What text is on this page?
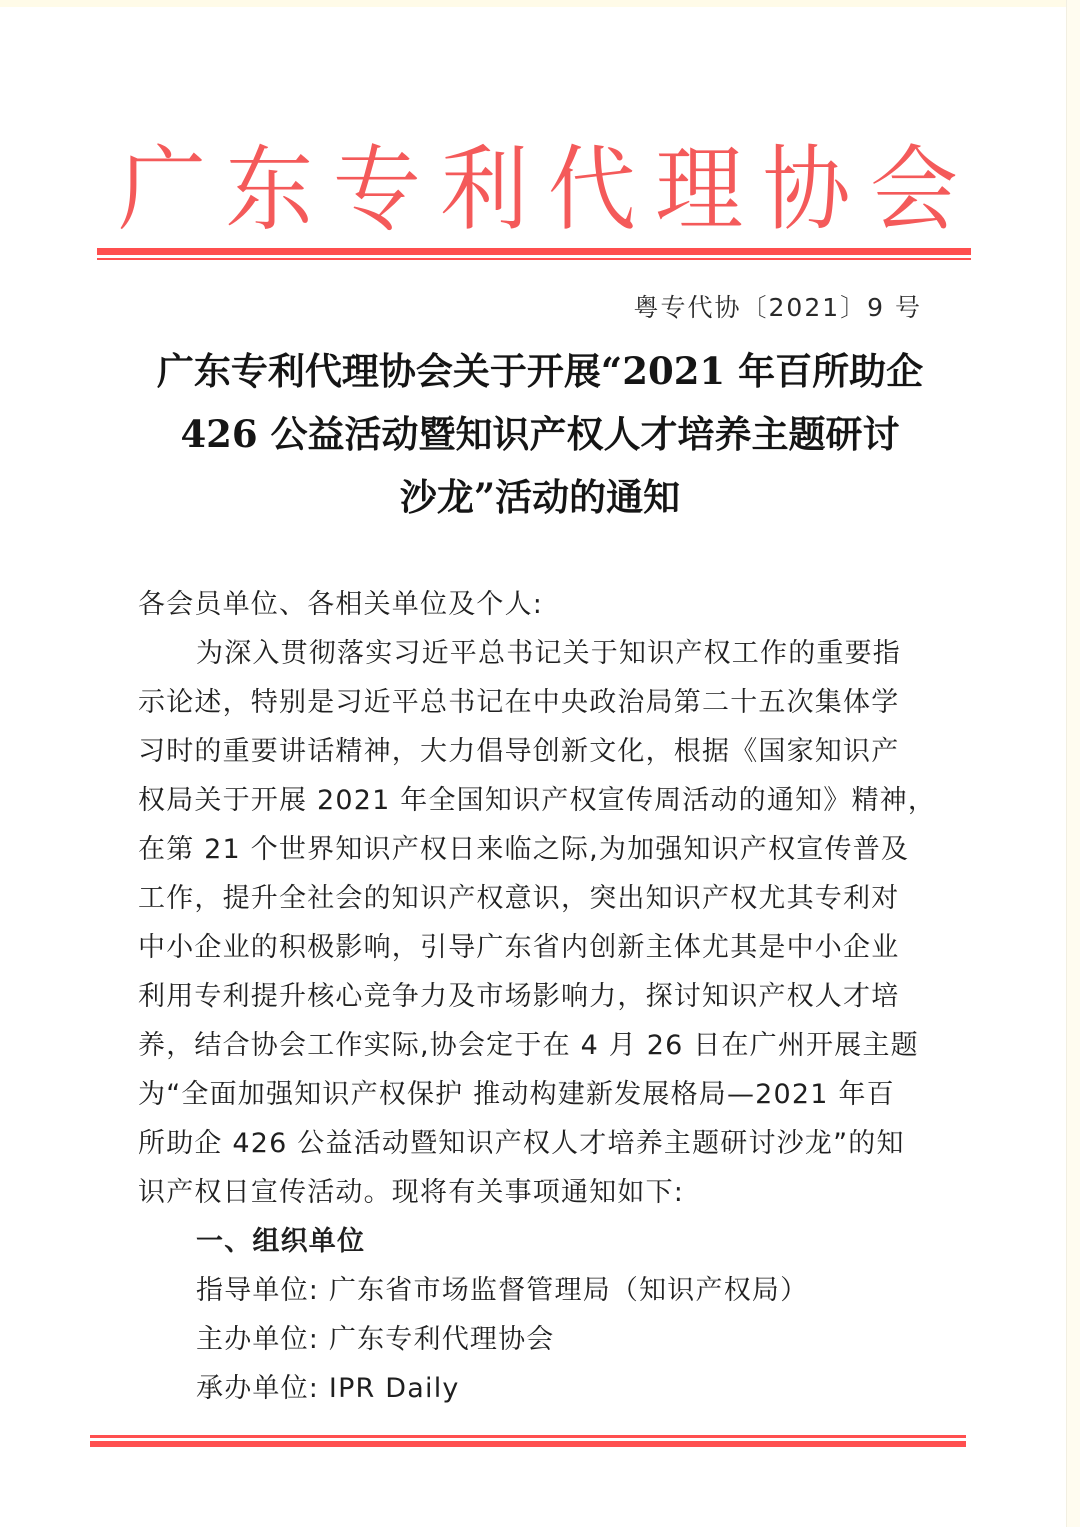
广 东 专 利 代 理 协 会
粤专代协〔2021〕9 号
广东专利代理协会关于开展“2021 年百所助企
426 公益活动暨知识产权人才培养主题研讨
沙龙”活动的通知
各会员单位、各相关单位及个人:
为深入贯彻落实习近平总书记关于知识产权工作的重要指
示论述，特别是习近平总书记在中央政治局第二十五次集体学
习时的重要讲话精神，大力倡导创新文化，根据《国家知识产
权局关于开展 2021 年全国知识产权宣传周活动的通知》精神，
在第 21 个世界知识产权日来临之际,为加强知识产权宣传普及
工作，提升全社会的知识产权意识，突出知识产权尤其专利对
中小企业的积极影响，引导广东省内创新主体尤其是中小企业
利用专利提升核心竞争力及市场影响力，探讨知识产权人才培
养，结合协会工作实际,协会定于在 4 月 26 日在广州开展主题
为“全面加强知识产权保护 推动构建新发展格局—2021 年百
所助企 426 公益活动暨知识产权人才培养主题研讨沙龙”的知
识产权日宣传活动。现将有关事项通知如下:
一、组织单位
指导单位: 广东省市场监督管理局（知识产权局）
主办单位: 广东专利代理协会
承办单位: IPR Daily
